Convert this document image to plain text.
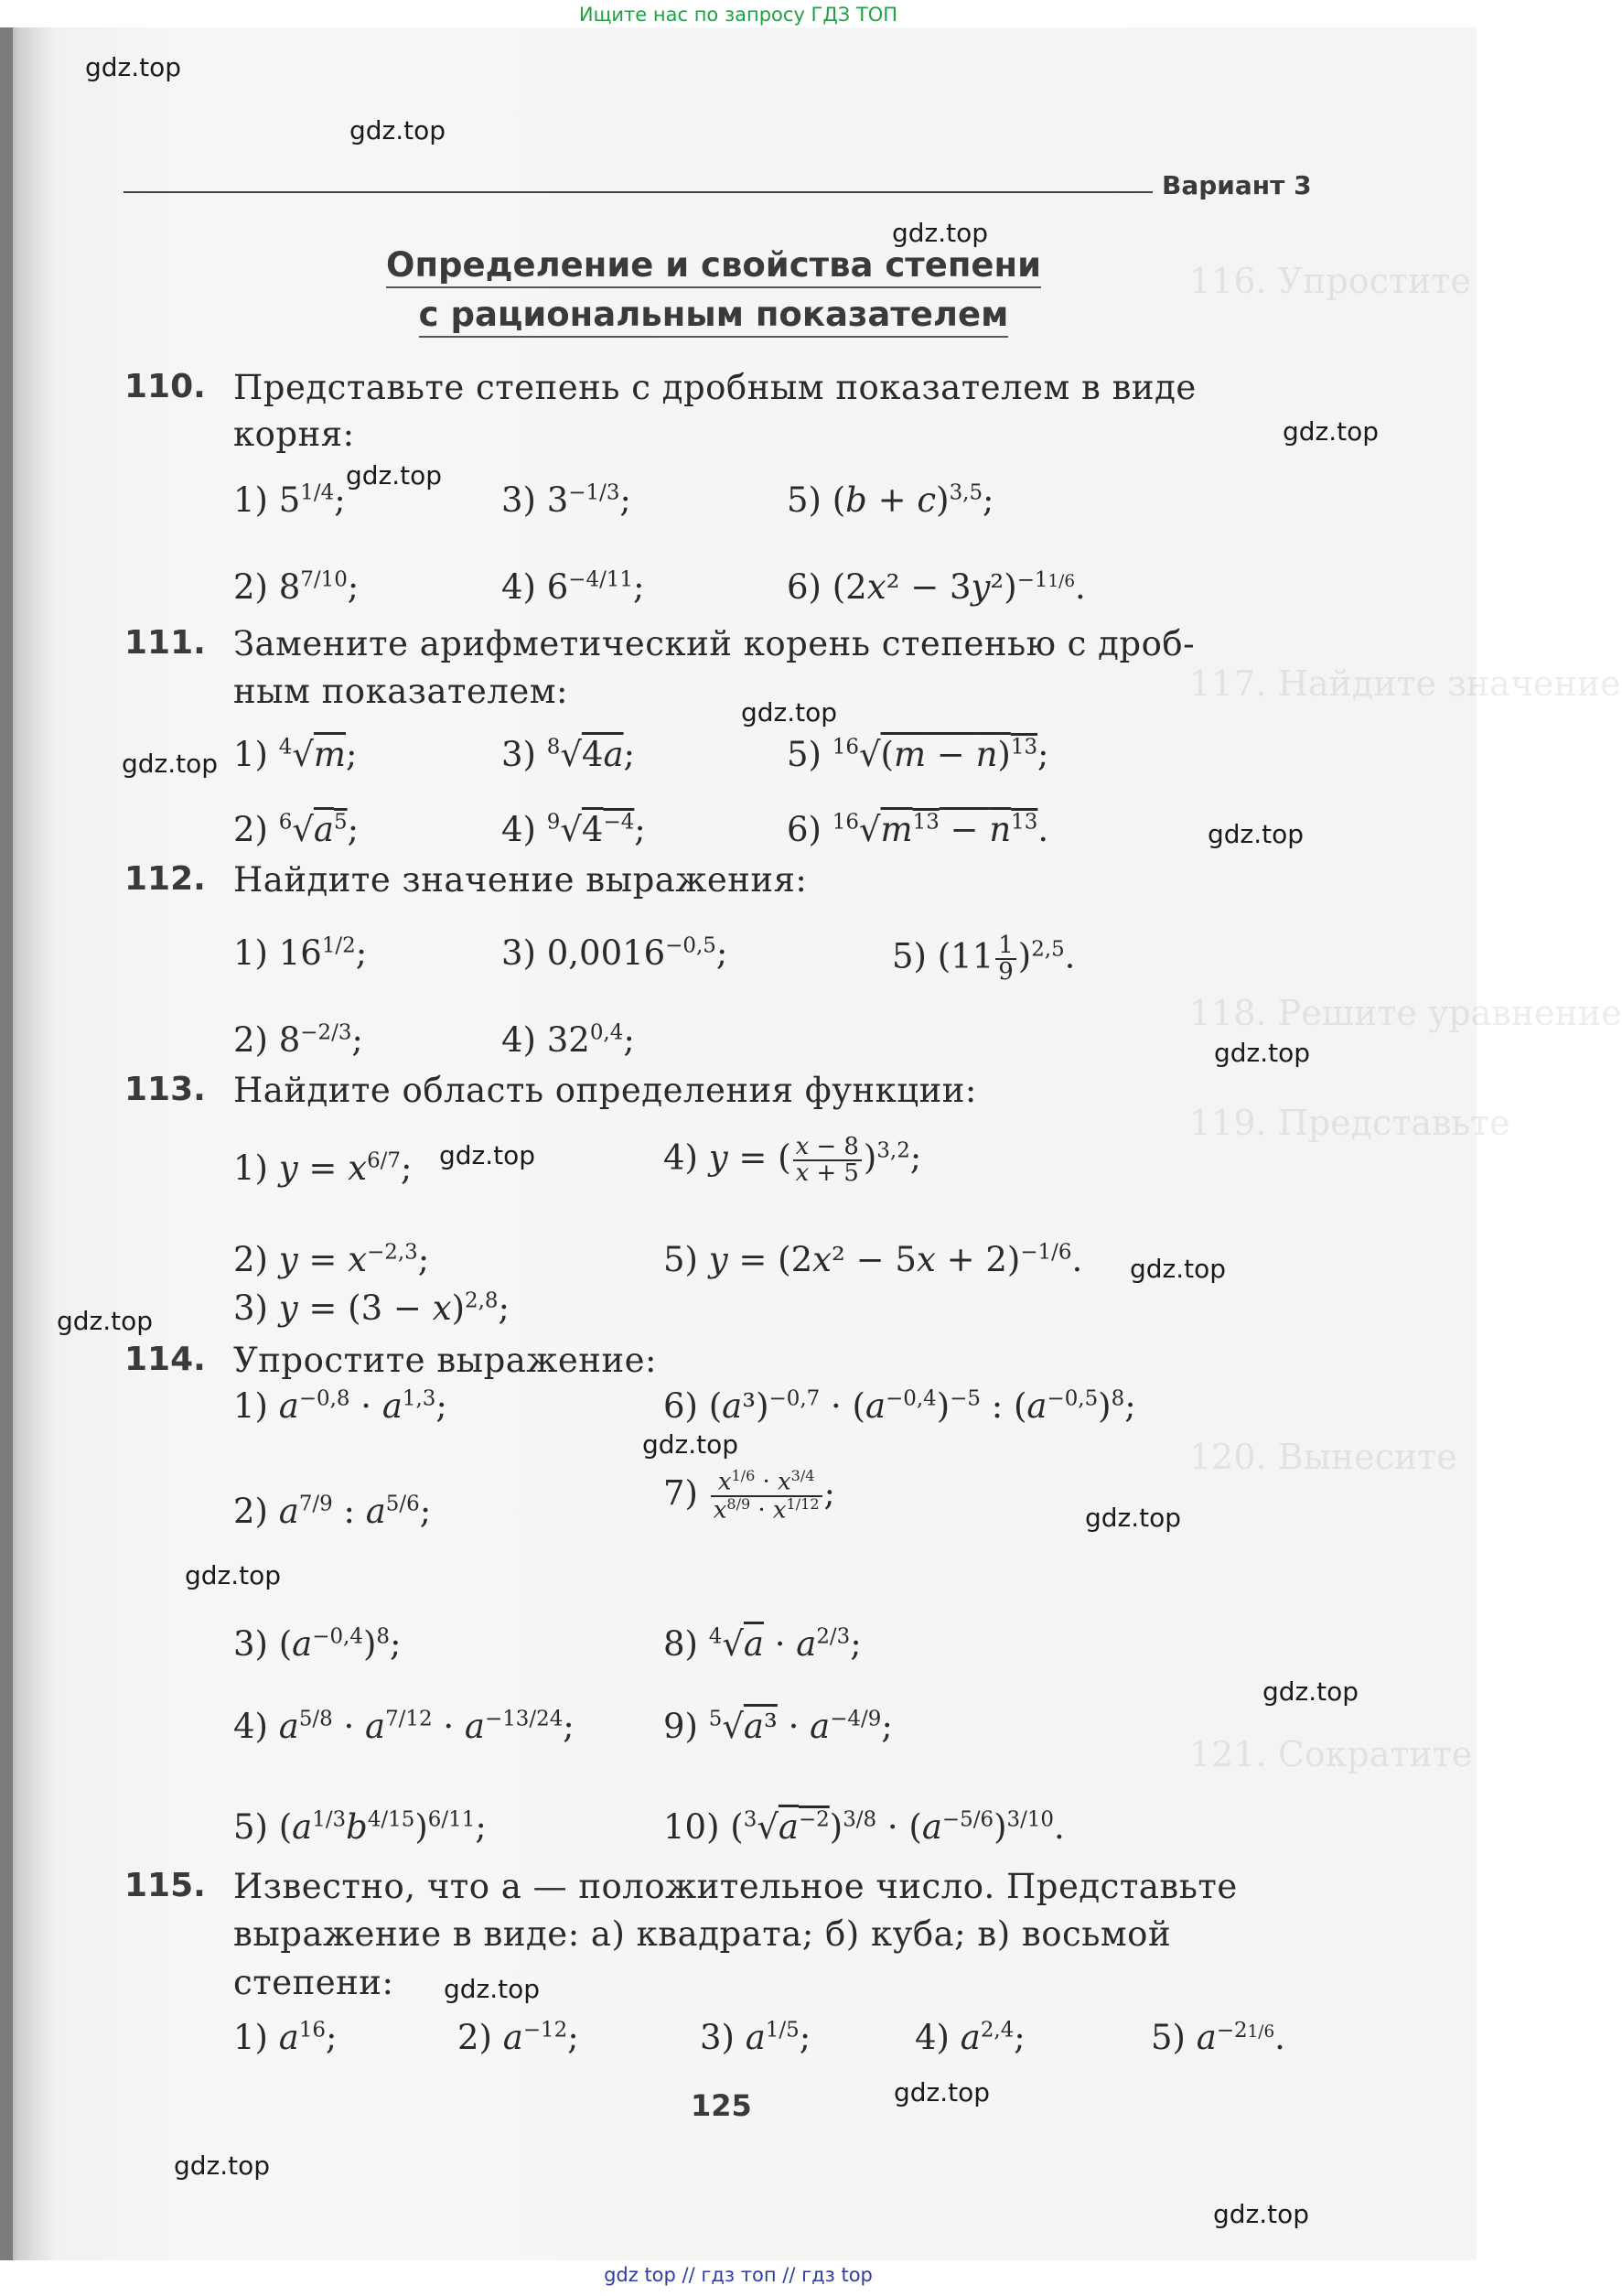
Ищите нас по запросу ГДЗ ТОП
116. Упростите
117. Найдите значение
118. Решите уравнение
119. Представьте
120. Вынесите
121. Сократите
gdz.top
gdz.top
gdz.top
gdz.top
gdz.top
gdz.top
gdz.top
gdz.top
gdz.top
gdz.top
gdz.top
gdz.top
gdz.top
gdz.top
gdz.top
gdz.top
gdz.top
gdz.top
gdz.top
gdz.top
Вариант 3
Определение и свойства степени
с рациональным показателем
110. Представьте степень с дробным показателем в виде
корня:
1) $5^{1/4}$;	3) $3^{-1/3}$;	5) $(b + c)^{3,5}$;
2) $8^{7/10}$;	4) $6^{-4/11}$;	6) $(2x^2 - 3y^2)^{-11/6}$.
111. Замените арифметический корень степенью с дроб-
ным показателем:
1) $^4$√m;	3) $^8$√4a;	5) $^{16}√(m - n)^{13}$;
2) $^6√a^5$;	4) $^9√4^{-4}$;	6) $^{16}√m^{13} - n^{13}$.
112. Найдите значение выражения:
1) $16^{1/2}$;	3) $0,0016^{-0,5}$;	5) $(11 \frac{1}{9} )^{2,5}$.
2) $8^{-2/3}$;	4) 32$^{0,4}$;
113. Найдите область определения функции:
1) $y = x^{6/7}$;	4) y = ( $\frac{x - 8}{x + 5} )^{3,2}$;
2) $y = x^{-2,3}$;	5) $y = (2x^2 - 5x + 2)^{-1/6}$.
3) $y = (3 - x)^{2,8}$;
114. Упростите выражение:
1) $a^{-0,8} \cdot a^{1,3}$;	6) $(a^3)^{-0,7} \cdot (a^{-0,4})^{-5}$ : $(a^{-0,5})^8$;
2) $a^{7/9}$ : $a^{5/6}$;	$7) \frac{x^{1/6} \cdot x^{3/4}}{x^{8/9} \cdot x^{1/12}}$ ;
3) $(a^{-0,4})^8$;	8) $^4√a \cdot a^{2/3}$;
4) $a^{5/8} \cdot a^{7/12} \cdot a^{-13/24}$;	9) $^5√a^3 \cdot a^{-4/9}$;
5) $(a^{1/3}b^{4/15})^{6/11}$;	10) $(^3√a^{-2})^{3/8} \cdot (a^{-5/6})^{3/10}$.
115. Известно, что a — положительное число. Представьте
выражение в виде: а) квадрата; б) куба; в) восьмой
степени:
1) $a^{16}$;	2) $a^{-12}$;	3) $a^{1/5}$;	4) $a^{2,4}$;	5) $a^{-21/6}$.
125
gdz top // гдз топ // гдз top
